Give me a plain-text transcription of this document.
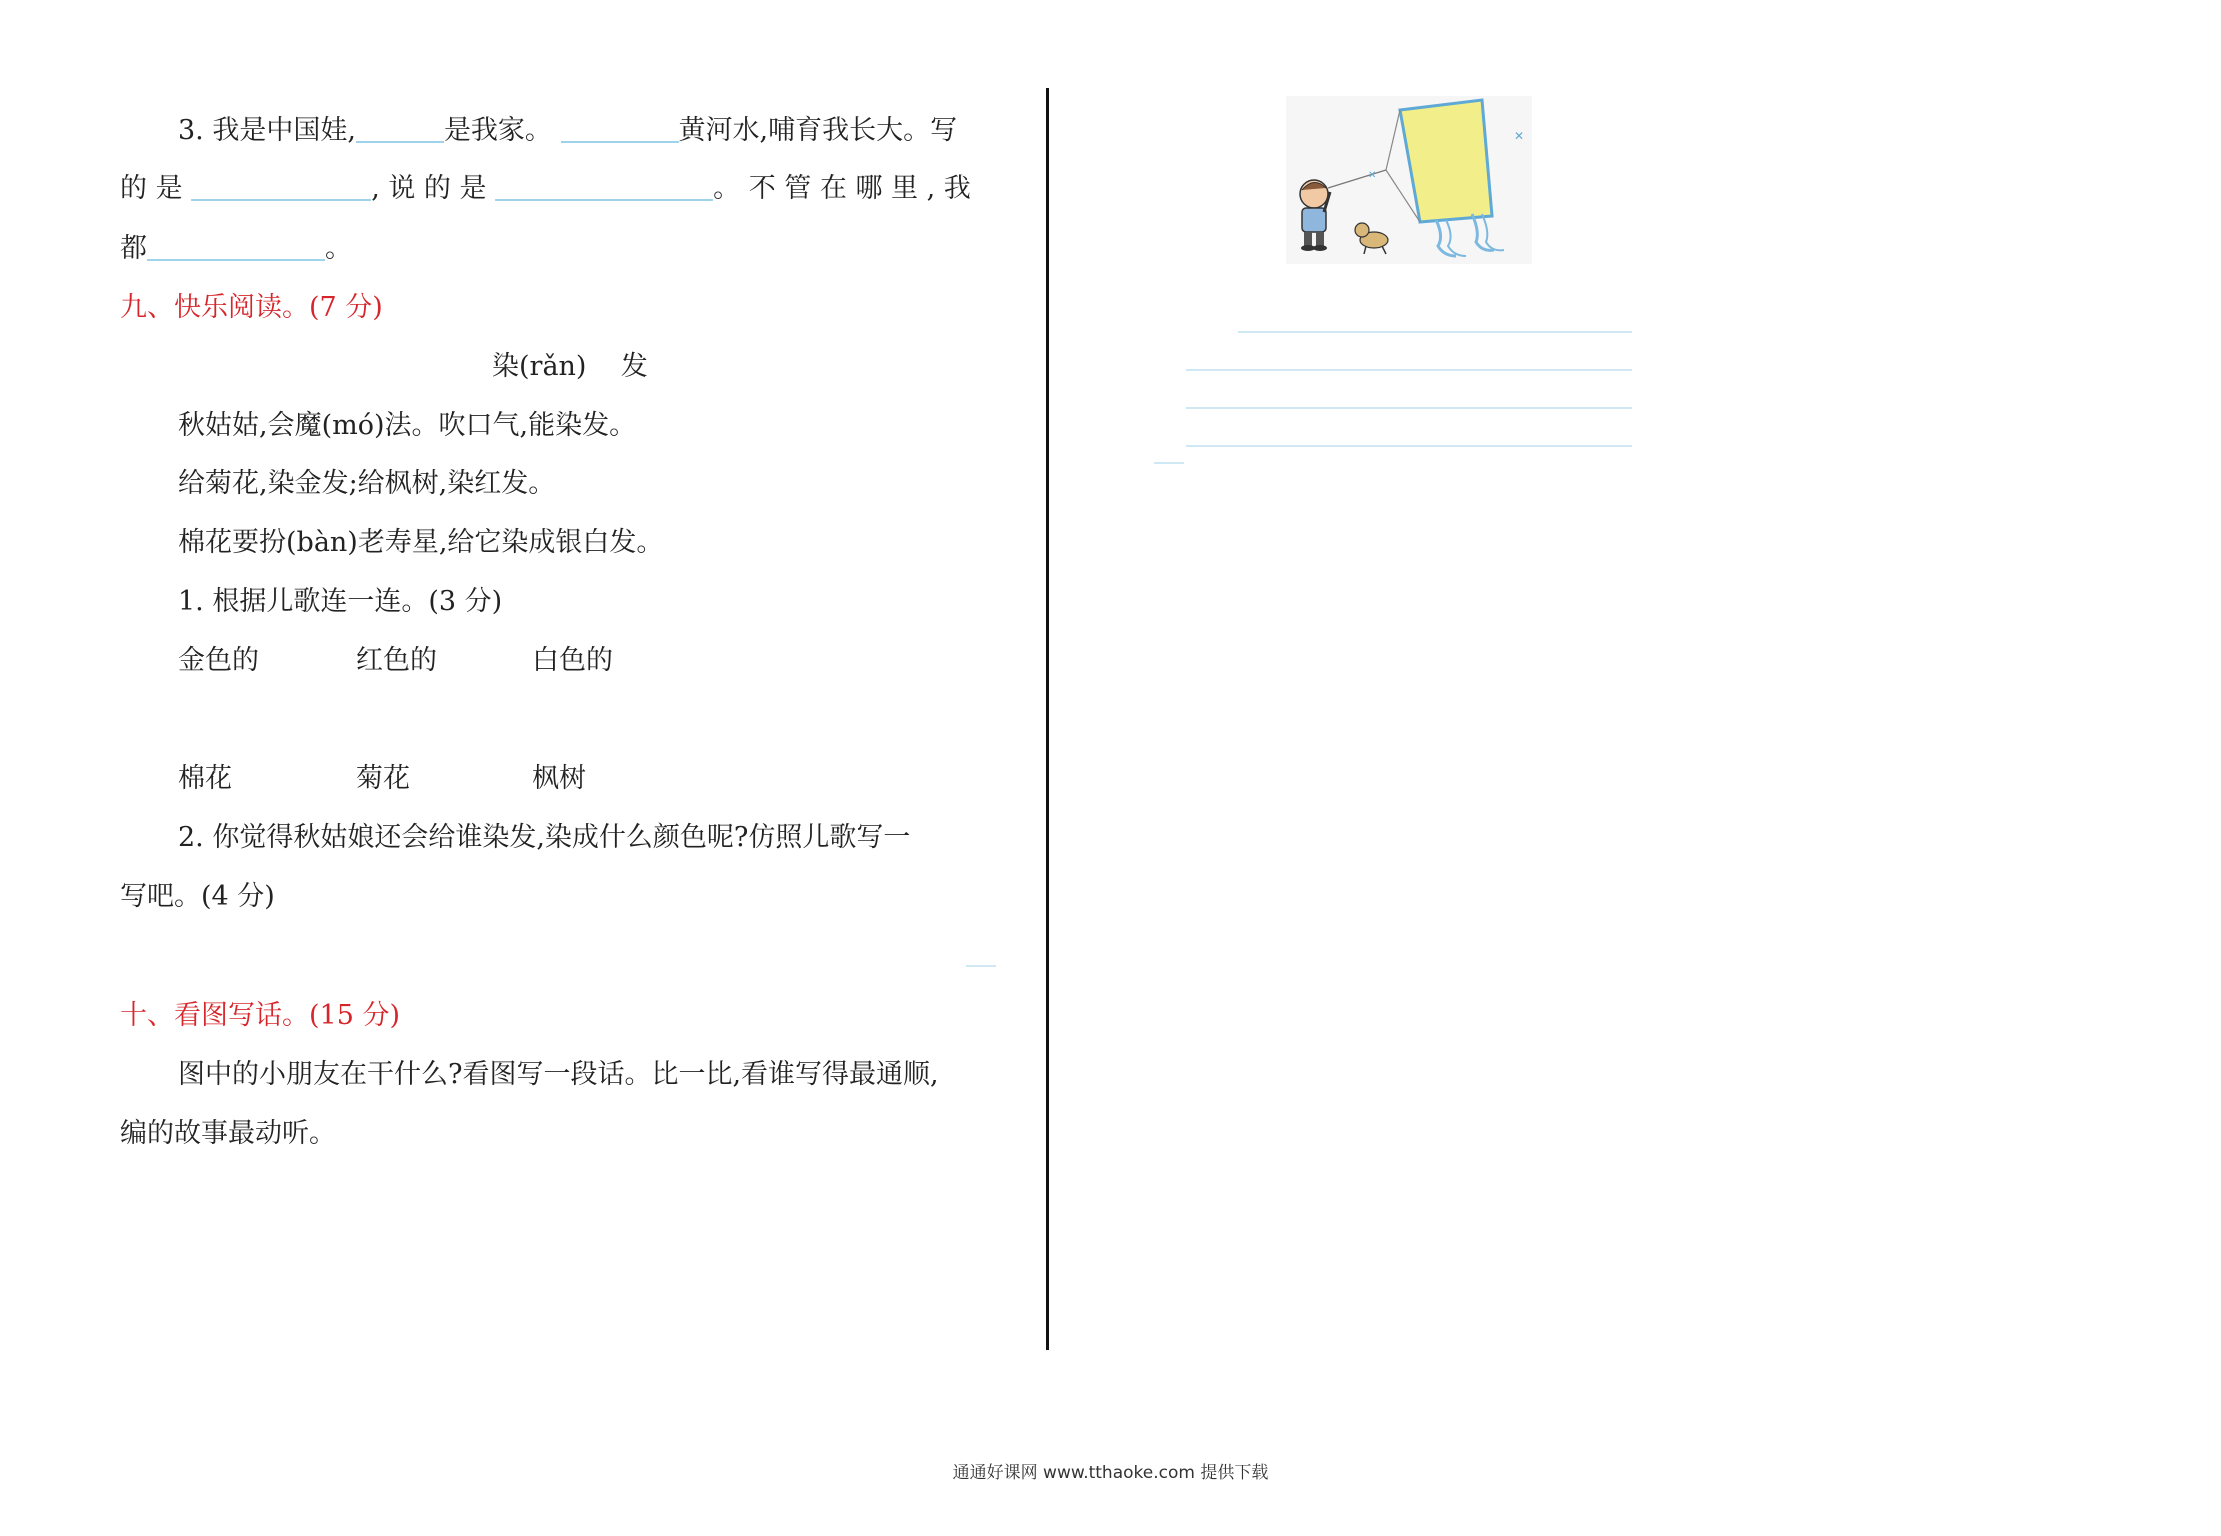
3. 我是中国娃,	是我家。	黄河水,哺育我长大。写
的 是	, 说 的 是	。 不 管 在 哪 里 , 我
都	。
九、快乐阅读。(7 分)
染(rǎn)    发
秋姑姑,会魔(mó)法。吹口气,能染发。
给菊花,染金发;给枫树,染红发。
棉花要扮(bàn)老寿星,给它染成银白发。
1. 根据儿歌连一连。(3 分)
金色的	红色的	白色的
棉花	菊花	枫树
2. 你觉得秋姑娘还会给谁染发,染成什么颜色呢?仿照儿歌写一
写吧。(4 分)
十、看图写话。(15 分)
图中的小朋友在干什么?看图写一段话。比一比,看谁写得最通顺,
编的故事最动听。
✕
✕
通通好课网 www.tthaoke.com 提供下载
